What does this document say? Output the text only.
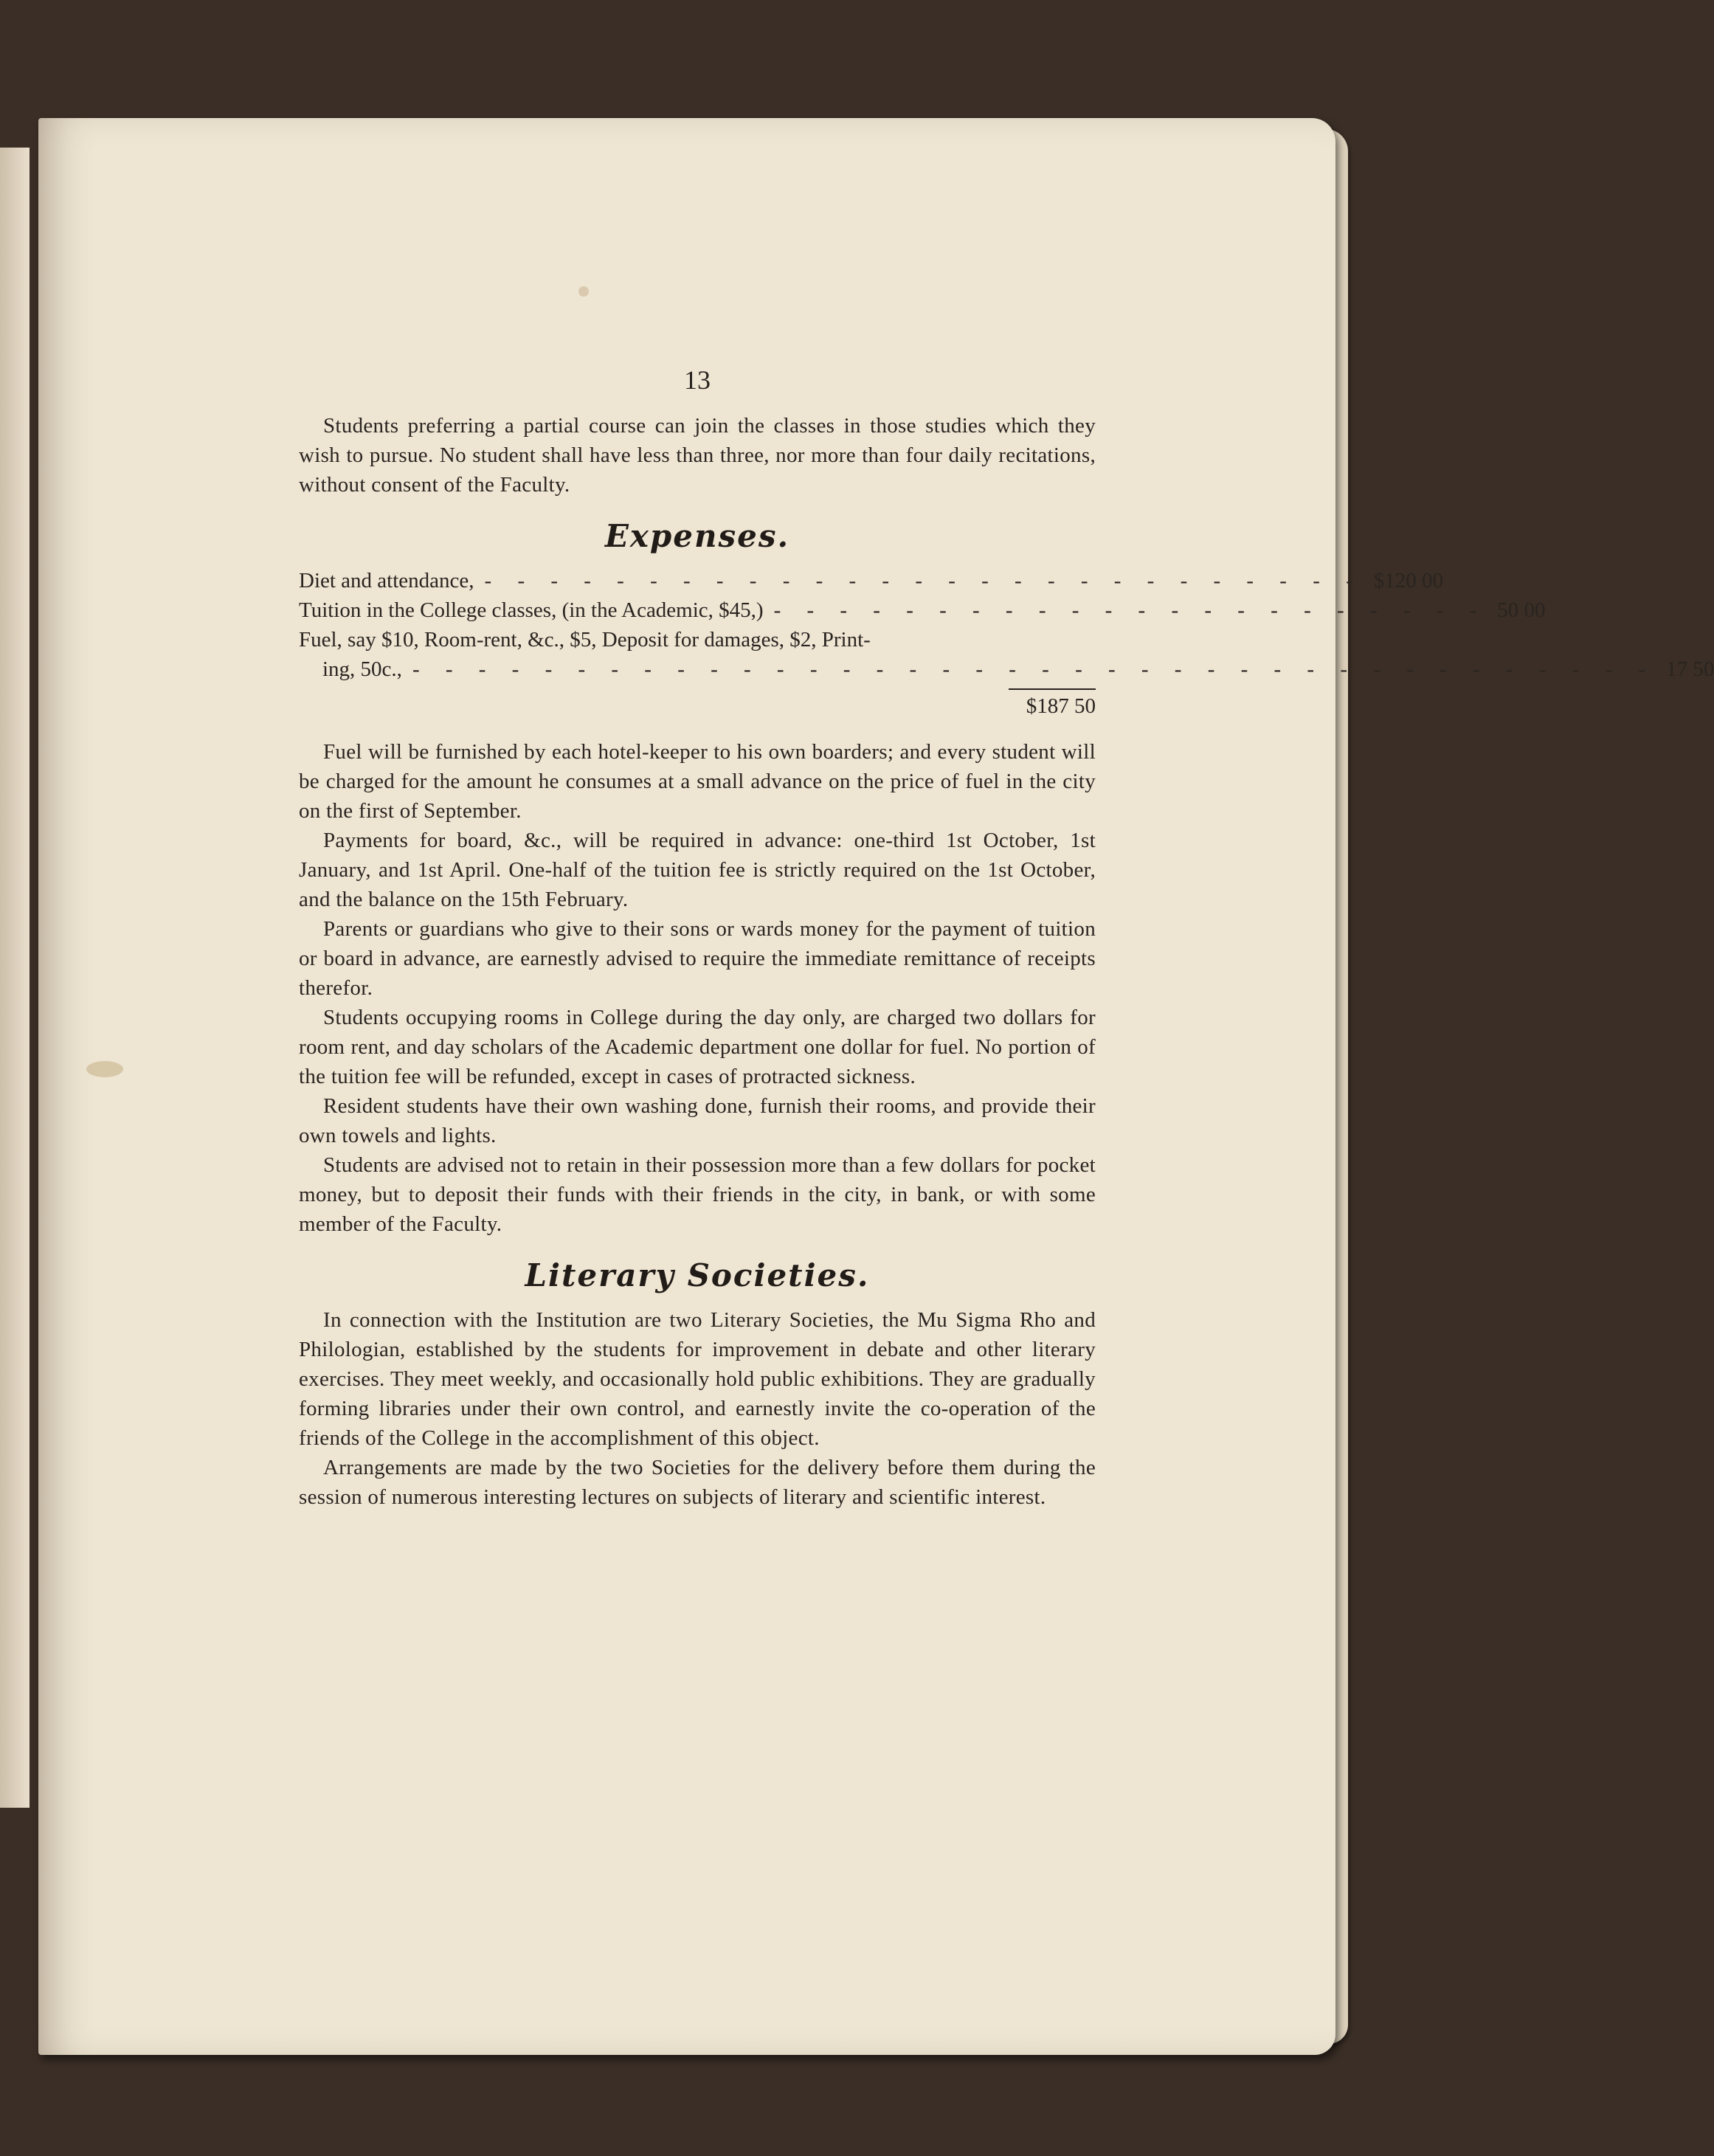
13

Students preferring a partial course can join the classes in those studies which they wish to pursue. No student shall have less than three, nor more than four daily recitations, without consent of the Faculty.

Expenses.
Diet and attendance, - - - - - - - - - - - - - - - - - - - - - - - - - - - $120 00
Tuition in the College classes, (in the Academic, $45,) - - - - - - - - - - - - - - - - - - - - - - 50 00
Fuel, say $10, Room-rent, &c., $5, Deposit for damages, $2, Print-
ing, 50c., - - - - - - - - - - - - - - - - - - - - - - - - - - - - - - - - - - - - - - 17 50
$187 50

Fuel will be furnished by each hotel-keeper to his own boarders; and every student will be charged for the amount he consumes at a small advance on the price of fuel in the city on the first of September.

Payments for board, &c., will be required in advance: one-third 1st October, 1st January, and 1st April. One-half of the tuition fee is strictly required on the 1st October, and the balance on the 15th February.

Parents or guardians who give to their sons or wards money for the payment of tuition or board in advance, are earnestly advised to require the immediate remittance of receipts therefor.

Students occupying rooms in College during the day only, are charged two dollars for room rent, and day scholars of the Academic department one dollar for fuel. No portion of the tuition fee will be refunded, except in cases of protracted sickness.

Resident students have their own washing done, furnish their rooms, and provide their own towels and lights.

Students are advised not to retain in their possession more than a few dollars for pocket money, but to deposit their funds with their friends in the city, in bank, or with some member of the Faculty.

Literary Societies.

In connection with the Institution are two Literary Societies, the Mu Sigma Rho and Philologian, established by the students for improvement in debate and other literary exercises. They meet weekly, and occasionally hold public exhibitions. They are gradually forming libraries under their own control, and earnestly invite the co-operation of the friends of the College in the accomplishment of this object.

Arrangements are made by the two Societies for the delivery before them during the session of numerous interesting lectures on subjects of literary and scientific interest.
